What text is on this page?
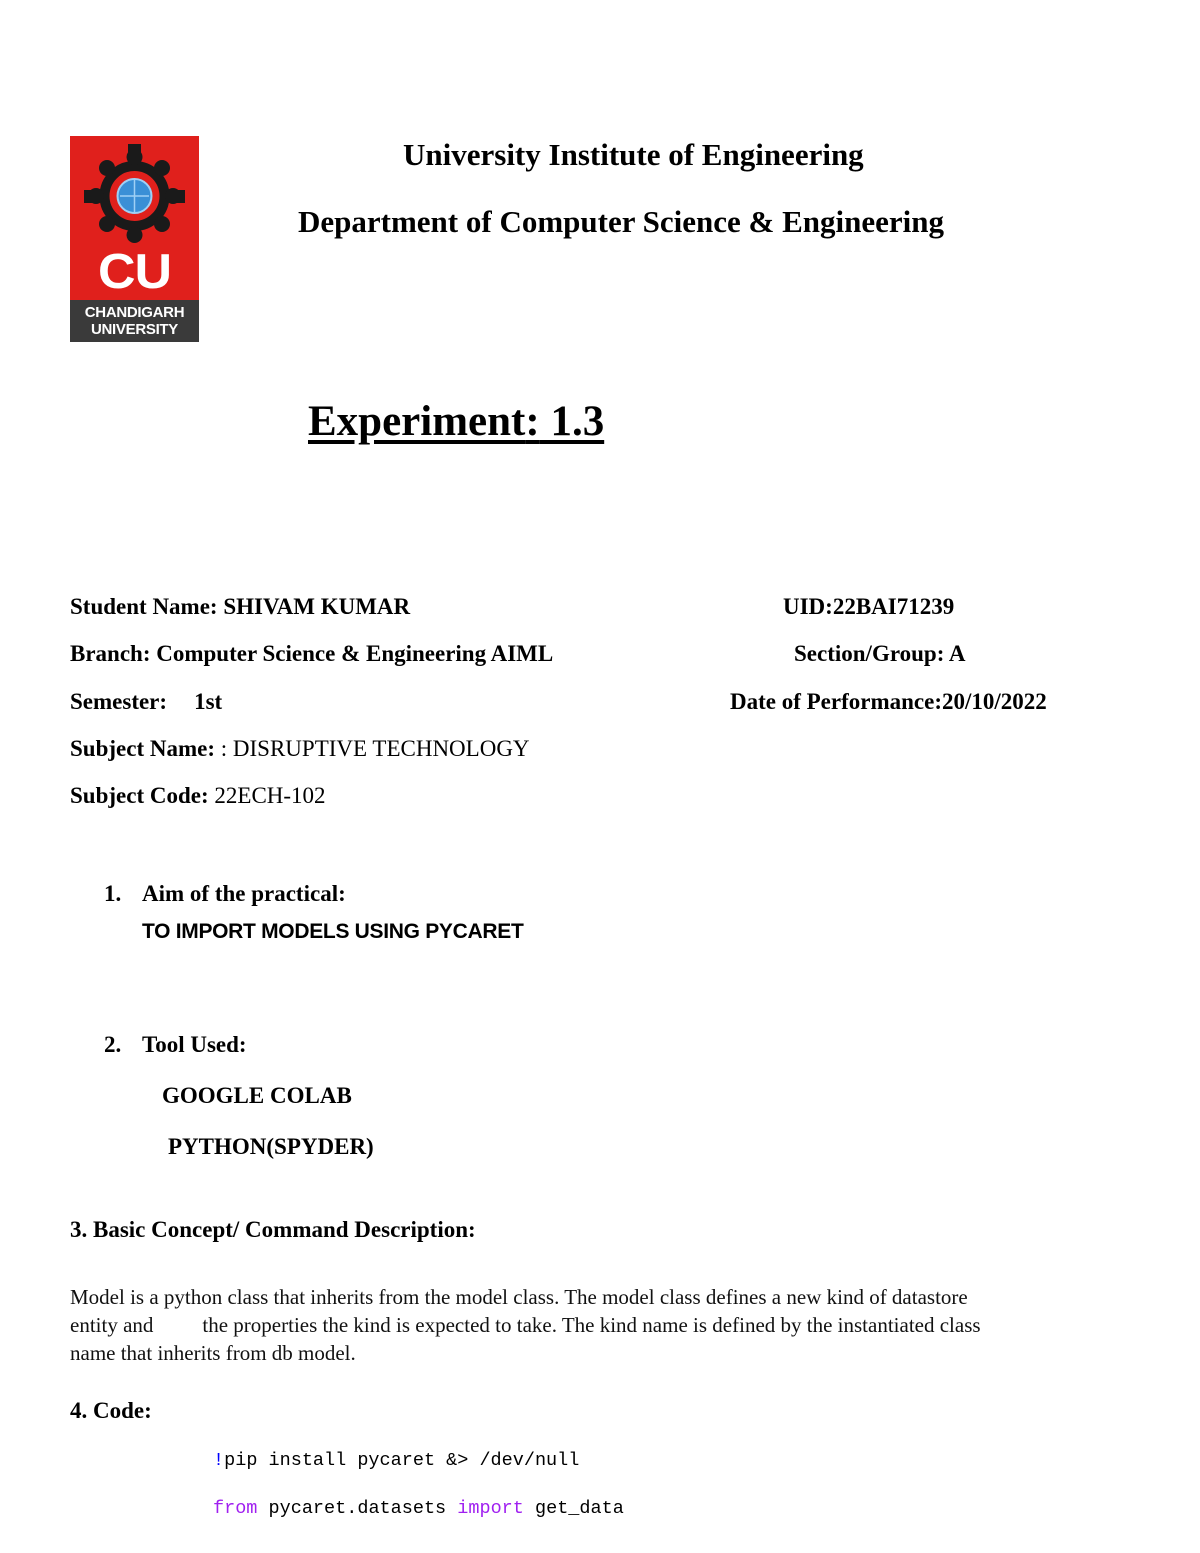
CU
CHANDIGARH
UNIVERSITY
University Institute of Engineering
Department of Computer Science & Engineering
Experiment: 1.3
Student Name: SHIVAM KUMAR	UID:22BAI71239
Branch: Computer Science & Engineering AIML	Section/Group: A
Semester: 1st	Date of Performance:20/10/2022
Subject Name: : DISRUPTIVE TECHNOLOGY
Subject Code: 22ECH-102
1. Aim of the practical:
TO IMPORT MODELS USING PYCARET
2. Tool Used:
GOOGLE COLAB
PYTHON(SPYDER)
3. Basic Concept/ Command Description:
Model is a python class that inherits from the model class. The model class defines a new kind of datastore
entity and the properties the kind is expected to take. The kind name is defined by the instantiated class
name that inherits from db model.
4. Code:
!pip install pycaret &> /dev/null
from pycaret.datasets import get_data
